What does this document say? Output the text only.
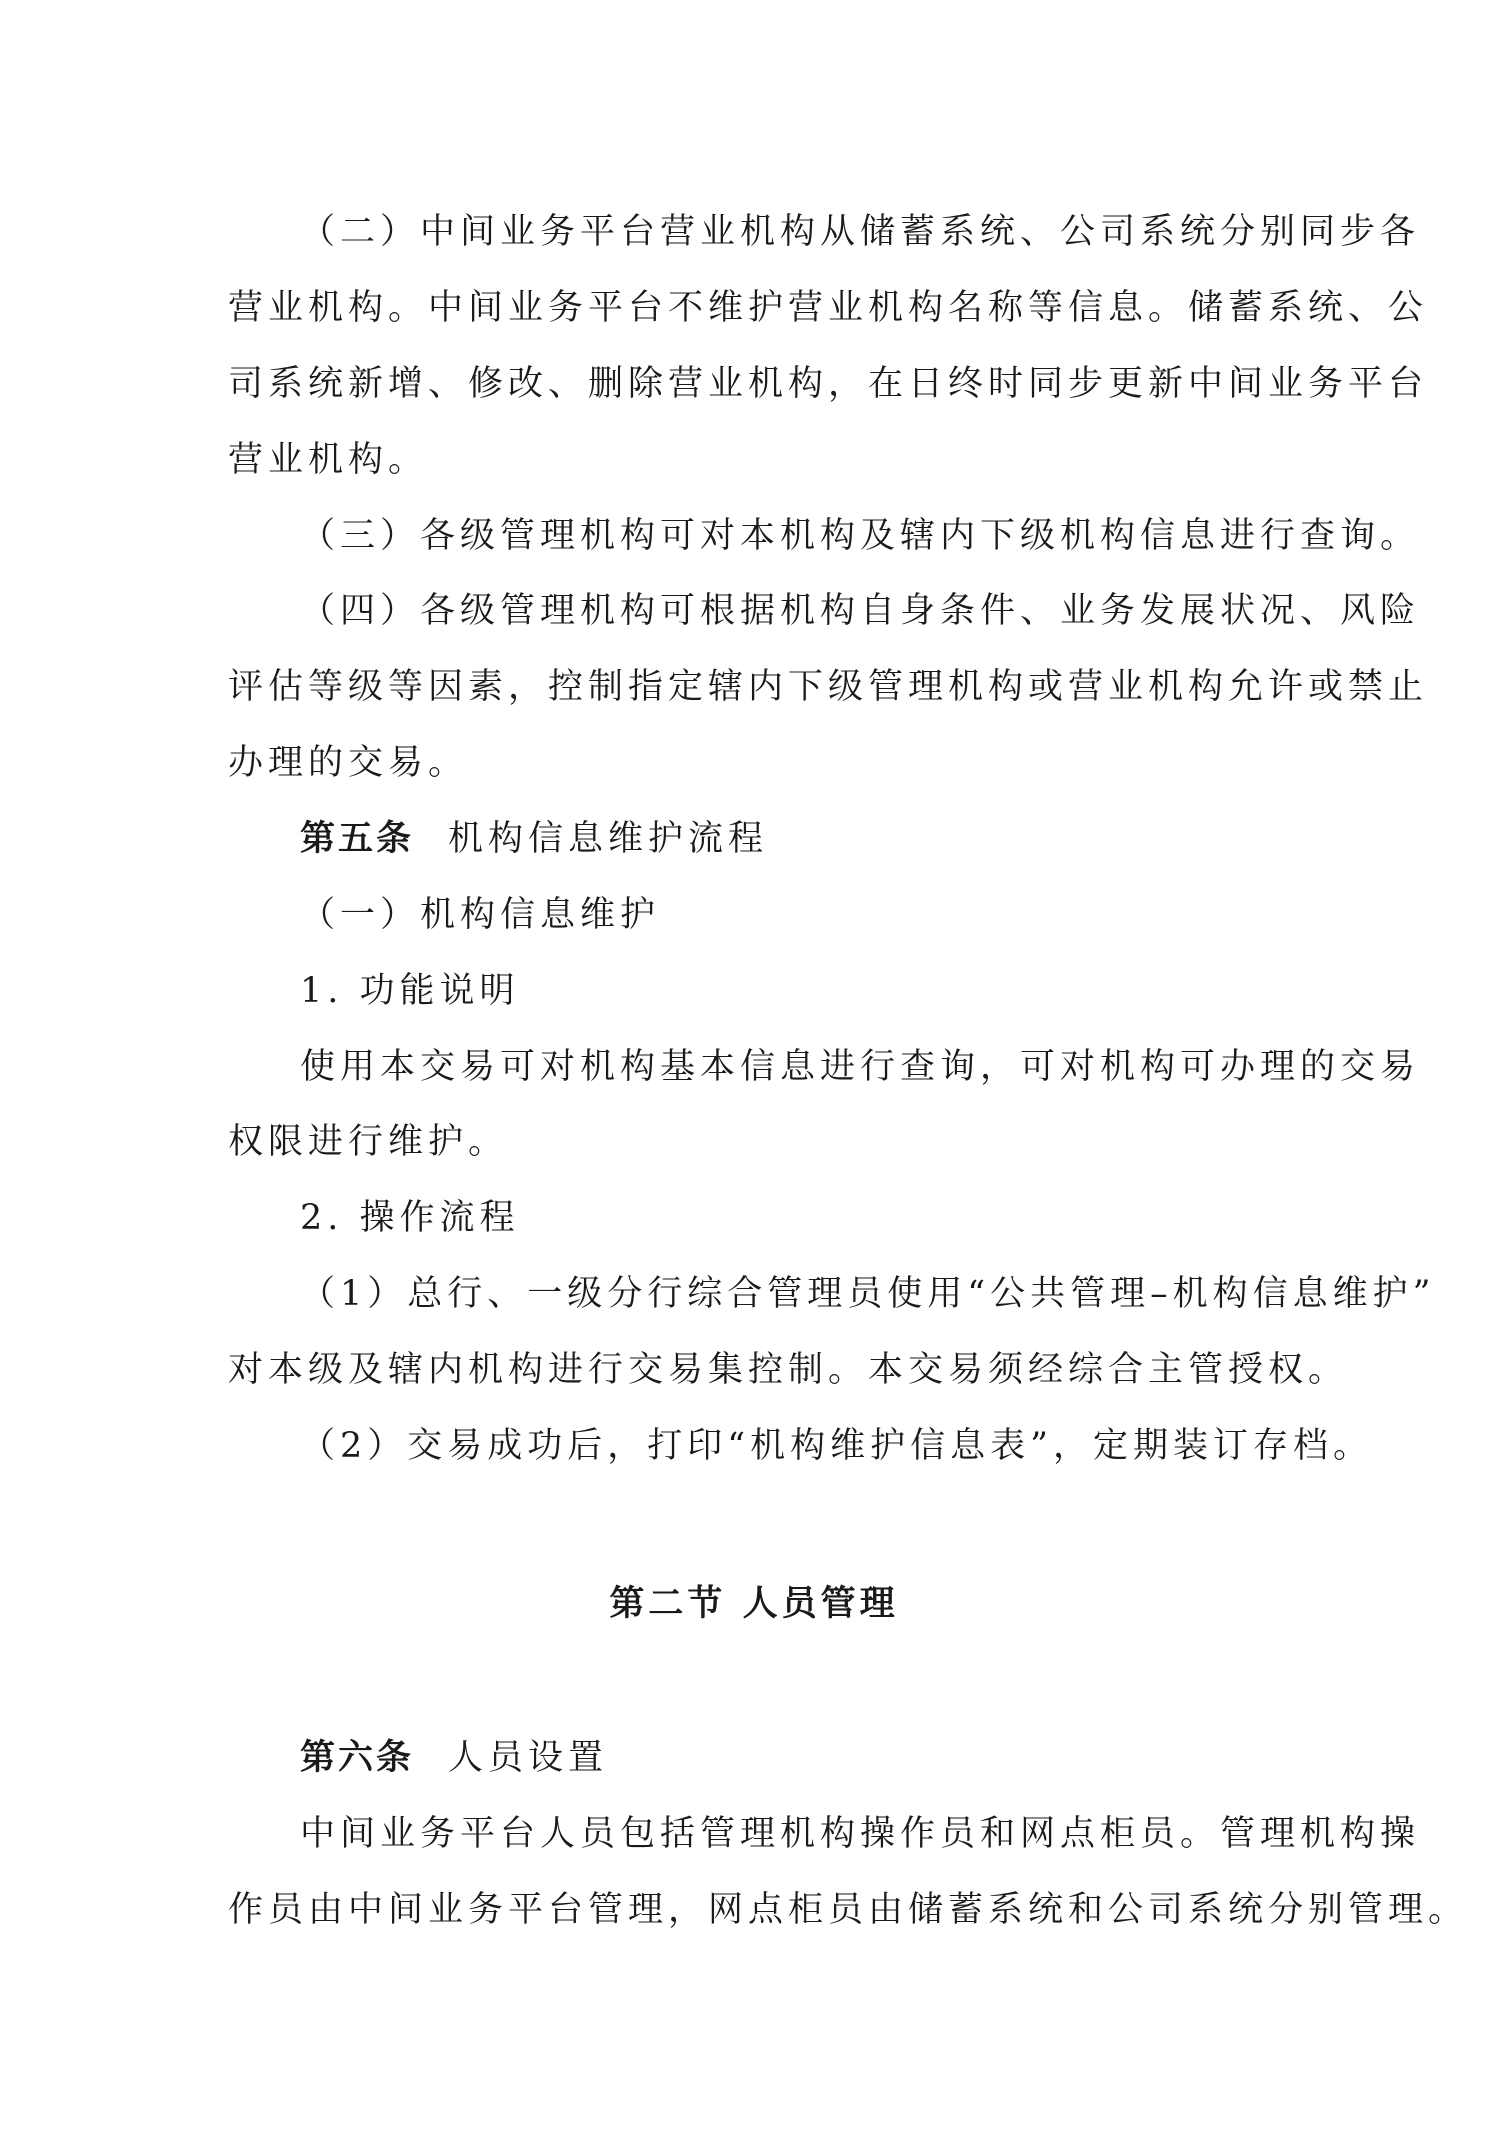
（二）中间业务平台营业机构从储蓄系统、公司系统分别同步各
营业机构。中间业务平台不维护营业机构名称等信息。储蓄系统、公
司系统新增、修改、删除营业机构，在日终时同步更新中间业务平台
营业机构。
（三）各级管理机构可对本机构及辖内下级机构信息进行查询。
（四）各级管理机构可根据机构自身条件、业务发展状况、风险
评估等级等因素，控制指定辖内下级管理机构或营业机构允许或禁止
办理的交易。
第五条 机构信息维护流程
（一）机构信息维护
1. 功能说明
使用本交易可对机构基本信息进行查询，可对机构可办理的交易
权限进行维护。
2. 操作流程
（1）总行、一级分行综合管理员使用“公共管理–机构信息维护”
对本级及辖内机构进行交易集控制。本交易须经综合主管授权。
（2）交易成功后，打印“机构维护信息表”，定期装订存档。
第二节 人员管理
第六条 人员设置
中间业务平台人员包括管理机构操作员和网点柜员。管理机构操
作员由中间业务平台管理，网点柜员由储蓄系统和公司系统分别管理。
